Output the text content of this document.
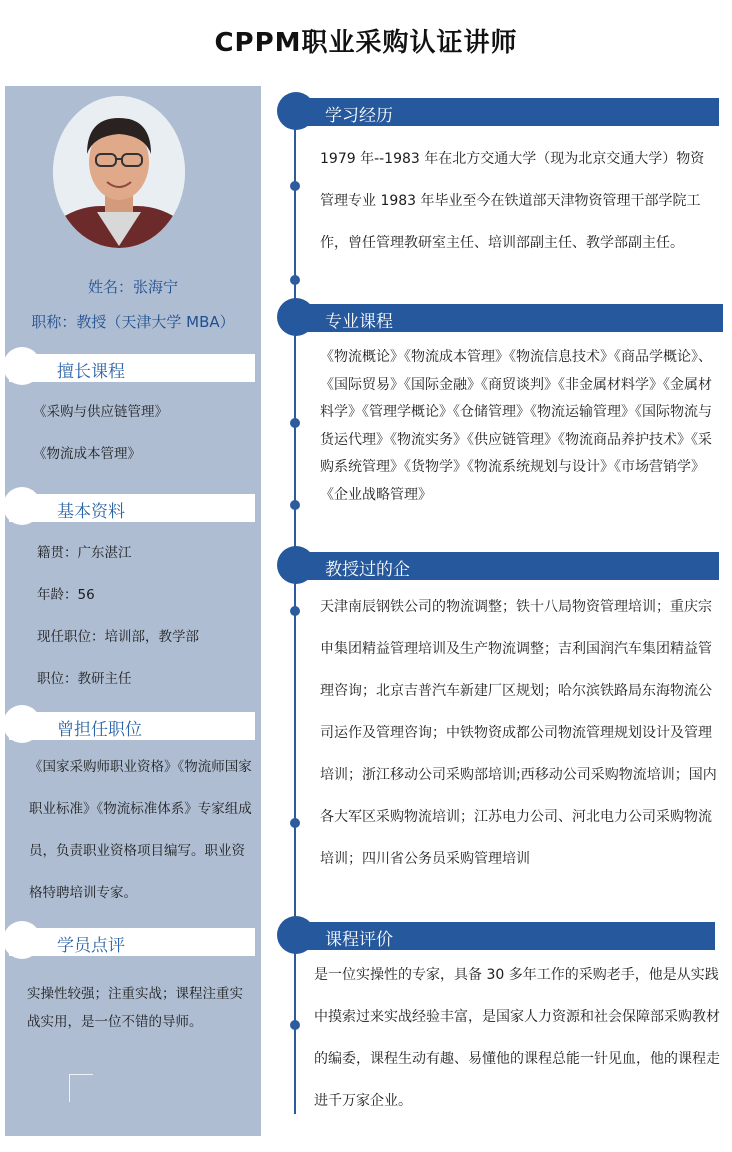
CPPM职业采购认证讲师
姓名：张海宁
职称：教授（天津大学 MBA）
擅长课程
《采购与供应链管理》
《物流成本管理》
基本资料
籍贯：广东湛江
年龄：56
现任职位：培训部，教学部
职位：教研主任
曾担任职位
《国家采购师职业资格》《物流师国家职业标准》《物流标准体系》专家组成员，负责职业资格项目编写。职业资格特聘培训专家。
学员点评
实操性较强；注重实战；课程注重实战实用，是一位不错的导师。
学习经历
1979 年--1983 年在北方交通大学（现为北京交通大学）物资管理专业 1983 年毕业至今在铁道部天津物资管理干部学院工作，曾任管理教研室主任、培训部副主任、教学部副主任。
专业课程
《物流概论》《物流成本管理》《物流信息技术》《商品学概论》、《国际贸易》《国际金融》《商贸谈判》《非金属材料学》《金属材料学》《管理学概论》《仓储管理》《物流运输管理》《国际物流与货运代理》《物流实务》《供应链管理》《物流商品养护技术》《采购系统管理》《货物学》《物流系统规划与设计》《市场营销学》《企业战略管理》
教授过的企
天津南辰钢铁公司的物流调整；铁十八局物资管理培训；重庆宗申集团精益管理培训及生产物流调整；吉利国润汽车集团精益管理咨询；北京吉普汽车新建厂区规划；哈尔滨铁路局东海物流公司运作及管理咨询；中铁物资成都公司物流管理规划设计及管理培训；浙江移动公司采购部培训;西移动公司采购物流培训；国内各大军区采购物流培训；江苏电力公司、河北电力公司采购物流培训；四川省公务员采购管理培训
课程评价
是一位实操性的专家，具备 30 多年工作的采购老手，他是从实践中摸索过来实战经验丰富，是国家人力资源和社会保障部采购教材的编委，课程生动有趣、易懂他的课程总能一针见血，他的课程走进千万家企业。
